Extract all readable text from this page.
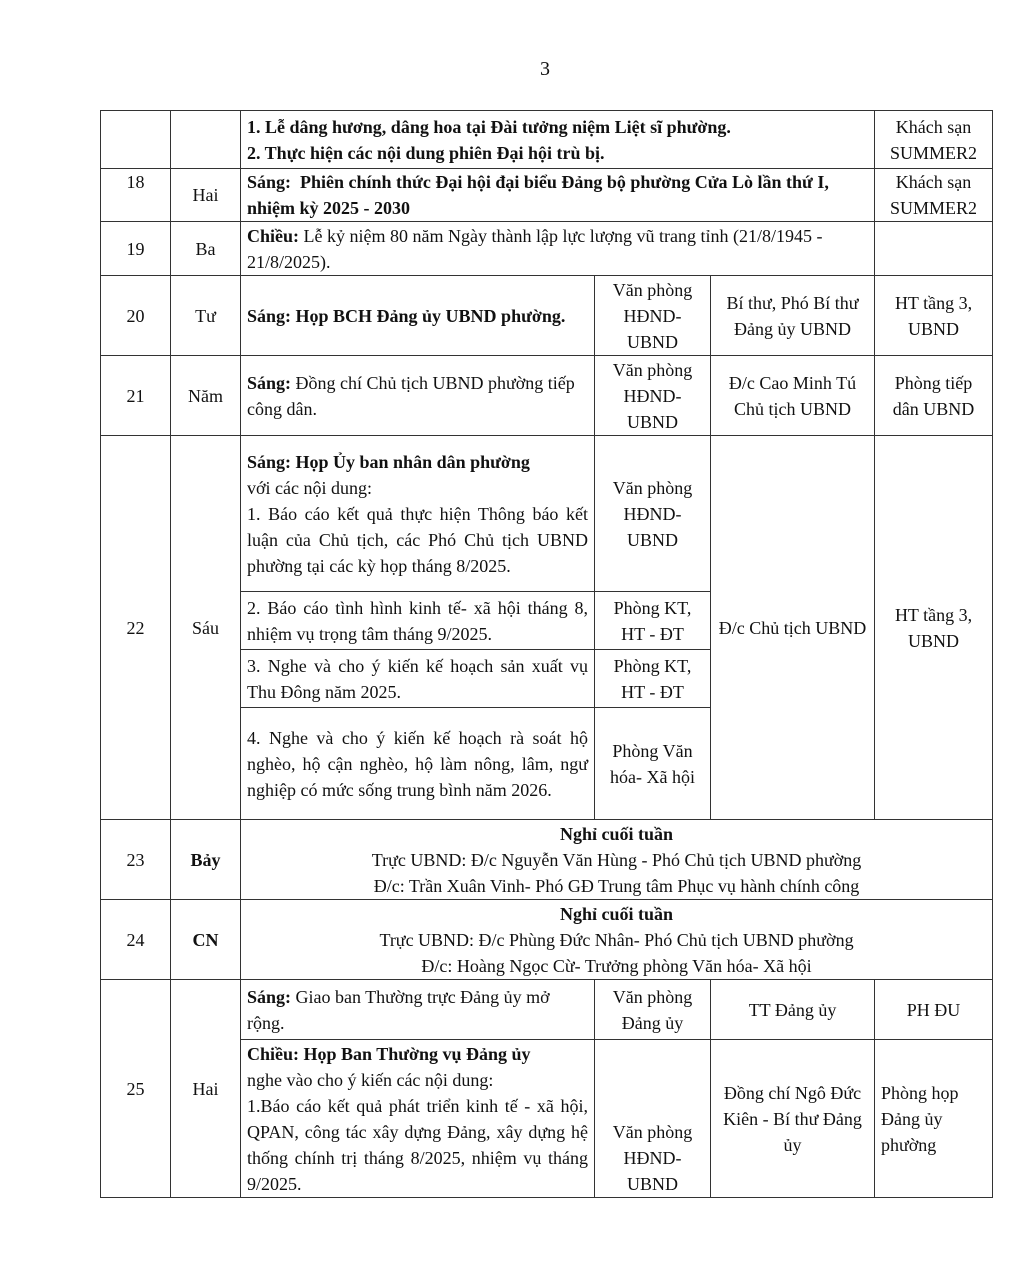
3

		1. Lễ dâng hương, dâng hoa tại Đài tưởng niệm Liệt sĩ phường.
2. Thực hiện các nội dung phiên Đại hội trù bị.			Khách sạn SUMMER2
18	Hai	Sáng: Phiên chính thức Đại hội đại biểu Đảng bộ phường Cửa Lò lần thứ I, nhiệm kỳ 2025 - 2030			Khách sạn SUMMER2
19	Ba	Chiều: Lễ kỷ niệm 80 năm Ngày thành lập lực lượng vũ trang tỉnh (21/8/1945 - 21/8/2025).			
20	Tư	Sáng: Họp BCH Đảng ủy UBND phường.	Văn phòng HĐND-UBND	Bí thư, Phó Bí thư Đảng ủy UBND	HT tầng 3, UBND
21	Năm	Sáng: Đồng chí Chủ tịch UBND phường tiếp công dân.	Văn phòng HĐND-UBND	Đ/c Cao Minh Tú Chủ tịch UBND	Phòng tiếp dân UBND
22	Sáu	Sáng: Họp Ủy ban nhân dân phường
với các nội dung:
1. Báo cáo kết quả thực hiện Thông báo kết luận của Chủ tịch, các Phó Chủ tịch UBND phường tại các kỳ họp tháng 8/2025.	Văn phòng HĐND-UBND	Đ/c Chủ tịch UBND	HT tầng 3, UBND
		2. Báo cáo tình hình kinh tế- xã hội tháng 8, nhiệm vụ trọng tâm tháng 9/2025.	Phòng KT, HT - ĐT		
		3. Nghe và cho ý kiến kế hoạch sản xuất vụ Thu Đông năm 2025.	Phòng KT, HT - ĐT		
		4. Nghe và cho ý kiến kế hoạch rà soát hộ nghèo, hộ cận nghèo, hộ làm nông, lâm, ngư nghiệp có mức sống trung bình năm 2026.	Phòng Văn hóa- Xã hội		
23	Bảy	Nghỉ cuối tuần
Trực UBND: Đ/c Nguyễn Văn Hùng - Phó Chủ tịch UBND phường
Đ/c: Trần Xuân Vinh- Phó GĐ Trung tâm Phục vụ hành chính công			

24	CN	Nghỉ cuối tuần
Trực UBND: Đ/c Phùng Đức Nhân- Phó Chủ tịch UBND phường
Đ/c: Hoàng Ngọc Cừ- Trưởng phòng Văn hóa- Xã hội			

25	Hai	Sáng: Giao ban Thường trực Đảng ủy mở rộng.	Văn phòng Đảng ủy	TT Đảng ủy	PH ĐU

		Chiều: Họp Ban Thường vụ Đảng ủy
nghe vào cho ý kiến các nội dung:
1.Báo cáo kết quả phát triển kinh tế - xã hội, QPAN, công tác xây dựng Đảng, xây dựng hệ thống chính trị tháng 8/2025, nhiệm vụ tháng 9/2025.	Văn phòng HĐND-UBND	Đồng chí Ngô Đức Kiên - Bí thư Đảng ủy	Phòng họp Đảng ủy phường
